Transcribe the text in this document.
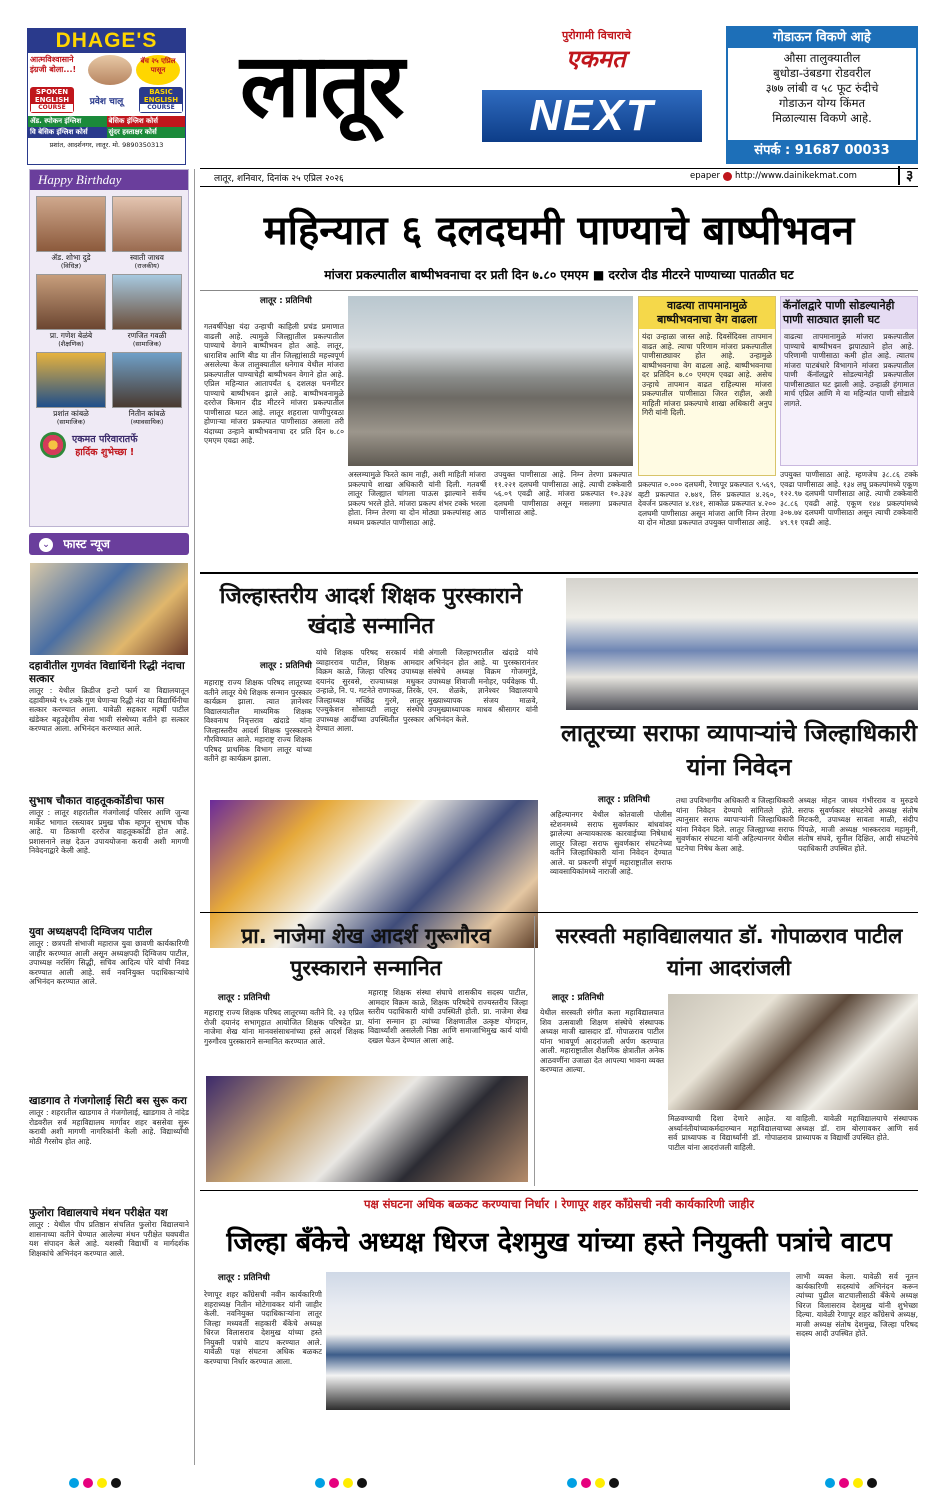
DHAGE'S
आत्मविश्वासाने इंग्रजी बोला...!
बॅच २५ एप्रिल पासून
SPOKEN ENGLISH
COURSE
प्रवेश चालू
BASIC ENGLISH
COURSE
ॲड. स्पोकन इंग्लिश	बेसिक इंग्लिश कोर्स
वि बेसिक इंग्लिश कोर्स	सुंदर हस्ताक्षर कोर्स
प्रशांत, आदर्शनगर, लातूर. मो. 9890350313
लातूर	पुरोगामी विचाराचे
एकमत
NEXT
गोडाऊन विकणे आहे
औसा तालुक्यातील
बुधोडा-उंबडगा रोडवरील
३७७ लांबी व ५८ फूट रुंदीचे
गोडाऊन योग्य किंमत
मिळाल्यास विकणे आहे.
संपर्क : 91687 00033
लातूर, शनिवार, दिनांक २५ एप्रिल २०२६	epaper http://www.dainikekmat.com	३
Happy Birthday
ॲड. शोभा दुडे
(विधिज्ञ)
स्वाती जाधव
(राजकीय)
प्रा. गणेश बेळंबे
(शैक्षणिक)
रणजित गवळी
(सामाजिक)
प्रशांत कांबळे
(सामाजिक)
नितीन कांबळे
(व्यावसायिक)
एकमत परिवारातर्फे
हार्दिक शुभेच्छा !
⌄ फास्ट न्यूज
दहावीतील गुणवंत विद्यार्थिनी रिद्धी नंदाचा सत्कार
लातूर : येथील क्रिडीज इन्टो फार्म या विद्यालयातून दहावीमध्ये ९५ टक्के गुण घेणाऱ्या रिद्धी नंदा या विद्यार्थिनीचा सत्कार करण्यात आला. यावेळी सहकार महर्षी पाटील खंडेकर बहुउद्देशीय सेवा भावी संस्थेच्या वतीने हा सत्कार करण्यात आला. अभिनंदन करण्यात आले.
सुभाष चौकात वाहतूककोंडीचा फास
लातूर : लातूर शहरातील गंजगोलाई परिसर आणि जुन्या मार्केट भागात रस्त्यावर प्रमुख चौक म्हणून सुभाष चौक आहे. या ठिकाणी दररोज वाहतूककोंडी होत आहे. प्रशासनाने लक्ष देऊन उपाययोजना करावी अशी मागणी निवेदनाद्वारे केली आहे.
युवा अध्यक्षपदी दिग्विजय पाटील
लातूर : छत्रपती संभाजी महाराज युवा छावणी कार्यकारिणी जाहीर करण्यात आली असून अध्यक्षपदी दिग्विजय पाटील, उपाध्यक्ष नरसिंग सिद्धी, सचिव आदित्य पोरे यांची निवड करण्यात आली आहे. सर्व नवनियुक्त पदाधिकाऱ्यांचे अभिनंदन करण्यात आले.
खाडगाव ते गंजगोलाई सिटी बस सुरू करा
लातूर : शहरातील खाडगाव ते गंजगोलाई, खाडगाव ते नांदेड रोडवरील सर्व महाविद्यालय मार्गावर शहर बससेवा सुरू करावी अशी मागणी नागरिकांनी केली आहे. विद्यार्थ्यांची मोठी गैरसोय होत आहे.
फुलोरा विद्यालयाचे मंथन परीक्षेत यश
लातूर : येथील पीप प्रतिष्ठान संचलित फुलोरा विद्यालयाने शासनाच्या वतीने घेण्यात आलेल्या मंथन परीक्षेत घवघवीत यश संपादन केले आहे. यशस्वी विद्यार्थी व मार्गदर्शक शिक्षकांचे अभिनंदन करण्यात आले.
महिन्यात ६ दलदघमी पाण्याचे बाष्पीभवन
मांजरा प्रकल्पातील बाष्पीभवनाचा दर प्रती दिन ७.८० एमएम ■ दररोज दीड मीटरने पाण्याच्या पातळीत घट
लातूर : प्रतिनिधी
गतवर्षीपेक्षा यंदा उन्हाची काहिली प्रचंड प्रमाणात वाढली आहे. त्यामुळे जिल्ह्यातील प्रकल्पातील पाण्याचे वेगाने बाष्पीभवन होत आहे. लातूर, धाराशिव आणि बीड या तीन जिल्ह्यांसाठी महत्त्वपूर्ण असलेल्या केज तालुक्यातील धनेगाव येथील मांजरा प्रकल्पातील पाण्याचेही बाष्पीभवन वेगाने होत आहे. एप्रिल महिन्यात आतापर्यंत ६ दशलक्ष घनमीटर पाण्याचे बाष्पीभवन झाले आहे. बाष्पीभवनामुळे दररोज किमान दीड मीटरने मांजरा प्रकल्पातील पाणीसाठा घटत आहे. लातूर शहराला पाणीपुरवठा होणाऱ्या मांजरा प्रकल्पात पाणीसाठा असला तरी यंदाच्या उन्हाने बाष्पीभवनाचा दर प्रति दिन ७.८० एमएम एवढा आहे.
अस्लम्यामुळे फिरते काम नाही, अशी माहिती मांजरा प्रकल्पाचे शाखा अधिकारी यांनी दिली. गतवर्षी लातूर जिल्ह्यात चांगला पाऊस झाल्याने सर्वच प्रकल्प भरले होते. मांजरा प्रकल्प शंभर टक्के भरला होता. निम्न तेरणा या दोन मोठ्या प्रकल्पांसह आठ मध्यम प्रकल्पांत पाणीसाठा आहे.
उपयुक्त पाणीसाठा आहे. निम्न तेरणा प्रकल्पात ११.२२१ दलघमी पाणीसाठा आहे. त्याची टक्केवारी ५६.०९ एवढी आहे. मांजरा प्रकल्पात १०.३३४ दलघमी पाणीसाठा असून मसलगा प्रकल्पात पाणीसाठा आहे.
वाढत्या तापमानामुळे बाष्पीभवनाचा वेग वाढला
यंदा उन्हाळा जास्त आहे. दिवसेंदिवस तापमान वाढत आहे. त्याचा परिणाम मांजरा प्रकल्पातील पाणीसाठ्यावर होत आहे. उन्हामुळे बाष्पीभवनाचा वेग वाढला आहे. बाष्पीभवनाचा दर प्रतिदिन ७.८० एमएम एवढा आहे. असेच उन्हाचे तापमान वाढत राहिल्यास मांजरा प्रकल्पातील पाणीसाठा जिरत राहील, अशी माहिती मांजरा प्रकल्पाचे शाखा अधिकारी अनुप गिरी यांनी दिली.
कॅनॉलद्वारे पाणी सोडल्यानेही पाणी साठ्यात झाली घट
वाढत्या तापमानामुळे मांजरा प्रकल्पातील पाण्याचे बाष्पीभवन झपाट्याने होत आहे. परिणामी पाणीसाठा कमी होत आहे. त्यातच मांजरा पाटबंधारे विभागाने मांजरा प्रकल्पातील पाणी कॅनॉलद्वारे सोडल्यानेही प्रकल्पातील पाणीसाठ्यात घट झाली आहे. उन्हाळी हंगामात मार्च एप्रिल आणि मे या महिन्यांत पाणी सोडावे लागते.
प्रकल्पात ०.००० दलघमी, रेणापूर प्रकल्पात ९.५६९, व्हटी प्रकल्पात २.७४१, तिरु प्रकल्पात ४.२६०, देवर्जन प्रकल्पात ४.१४१, साकोळ प्रकल्पात ४.२०० दलघमी पाणीसाठा असून मांजरा आणि निम्न तेरणा या दोन मोठ्या प्रकल्पात उपयुक्त पाणीसाठा आहे.
उपयुक्त पाणीसाठा आहे. म्हणजेच ३८.८६ टक्के एवढा पाणीसाठा आहे. १३४ लघु प्रकल्पांमध्ये एकूण १२२.९७ दलघमी पाणीसाठा आहे. त्याची टक्केवारी ३८.८६ एवढी आहे. एकूण १४४ प्रकल्पांमध्ये ३०७.७४ दलघमी पाणीसाठा असून त्याची टक्केवारी ४९.९१ एवढी आहे.
जिल्हास्तरीय आदर्श शिक्षक पुरस्काराने खंदाडे सन्मानित
लातूर : प्रतिनिधी
महाराष्ट्र राज्य शिक्षक परिषद लातूरच्या वतीने लातूर येथे शिक्षक सन्मान पुरस्कार कार्यक्रम झाला. त्यात ज्ञानेश्वर विद्यालयातील माध्यमिक शिक्षक विश्वनाथ निवृत्तराव खंदाडे यांना जिल्हास्तरीय आदर्श शिक्षक पुरस्काराने गौरविण्यात आले. महाराष्ट्र राज्य शिक्षक परिषद प्राथमिक विभाग लातूर यांच्या वतीने हा कार्यक्रम झाला.
यांचे शिक्षक परिषद सरकार्य मंत्री व्याहारराव पाटील, शिक्षक आमदार विक्रम काळे, जिल्हा परिषद उपाध्यक्ष दयानंद सुरवसे, राज्याध्यक्ष मधुकर उन्हाळे, नि. प. गटनेते राणाफळ, तिरके, जिल्हाध्यक्ष मच्छिंद्र गुरमे, लातूर एज्युकेशन सोसायटी लातूर संस्थेचे उपाध्यक्ष आदींच्या उपस्थितीत पुरस्कार देण्यात आला.
अंगाली जिल्हाभरातील खंदाडे यांचे अभिनंदन होत आहे. या पुरस्कारानंतर संस्थेचे अध्यक्ष विक्रम गोजमगुंडे, उपाध्यक्ष शिवाजी मनोहर, पर्यवेक्षक पी. एन. शेळके, ज्ञानेश्वर विद्यालयाचे मुख्याध्यापक संजय माळवे, उपमुख्याध्यापक माधव श्रीसागर यांनी अभिनंदन केले.	लातूरच्या सराफा व्यापाऱ्यांचे जिल्हाधिकारी यांना निवेदन
लातूर : प्रतिनिधी
अहिल्यानगर येथील कोतवाली पोलीस स्टेशनमध्ये सराफ सुवर्णकार बांधवांवर झालेल्या अन्यायकारक कारवाईच्या निषेधार्थ लातूर जिल्हा सराफ सुवर्णकार संघटनेच्या वतीने जिल्हाधिकारी यांना निवेदन देण्यात आले. या प्रकरणी संपूर्ण महाराष्ट्रातील सराफ व्यावसायिकांमध्ये नाराजी आहे.
तथा उपविभागीय अधिकारी व जिल्हाधिकारी यांना निवेदन देण्याचे सांगितले होते. त्यानुसार सराफ व्यापाऱ्यांनी जिल्हाधिकारी यांना निवेदन दिले. लातूर जिल्ह्याच्या सराफ सुवर्णकार संघटना यांनी अहिल्यानगर येथील घटनेचा निषेध केला आहे.
अध्यक्ष मोहन जाधव गंभीरराव व मुरुडचे सराफ सुवर्णकार संघटनेचे अध्यक्ष संतोष मिटकरी, उपाध्यक्ष सावता माळी, संदीप पिंपळे, माजी अध्यक्ष भास्करराव महामुनी, संतोष संघवे, सुनील दिक्षित, आदी संघटनेचे पदाधिकारी उपस्थित होते.
प्रा. नाजेमा शेख आदर्श गुरूगौरव पुरस्काराने सन्मानित
लातूर : प्रतिनिधी
महाराष्ट्र राज्य शिक्षक परिषद लातूरच्या वतीने दि. २३ एप्रिल रोजी दयानंद सभागृहात आयोजित शिक्षक परिषदेत प्रा. नाजेमा शेख यांना मानवसंसाधनांच्या हस्ते आदर्श शिक्षक गुरुगौरव पुरस्काराने सन्मानित करण्यात आले.
महाराष्ट्र शिक्षक संस्था संघाचे शासकीय सदस्य पाटील, आमदार विक्रम काळे, शिक्षक परिषदेचे राज्यस्तरीय जिल्हा स्तरीय पदाधिकारी यांची उपस्थिती होती. प्रा. नाजेमा शेख यांना सन्मान हा त्यांच्या शिक्षणातील उत्कृष्ट योगदान, विद्यार्थ्यांशी असलेली निष्ठा आणि समाजाभिमुख कार्य यांची दखल घेऊन देण्यात आला आहे.
सरस्वती महाविद्यालयात डॉ. गोपाळराव पाटील यांना आदरांजली
लातूर : प्रतिनिधी
येथील सरस्वती संगीत कला महाविद्यालयात शिव उत्सवाशी शिक्षण संस्थेचे संस्थापक अध्यक्ष माजी खासदार डॉ. गोपाळराव पाटील यांना भावपूर्ण आदरांजली अर्पण करण्यात आली. महाराष्ट्रातील शैक्षणिक क्षेत्रातील अनेक आठवणींना उजाळा देत आपल्या भावना व्यक्त करण्यात आल्या.
मिळवण्याची दिशा देणारे आहेत. या अर्ध्यानंतीयांच्याकर्मदारम्यान महाविद्यालयाच्या सर्व प्राध्यापक व विद्यार्थ्यांनी डॉ. गोपाळराव पाटील यांना आदरांजली वाहिली.
वाहिली. यावेळी महाविद्यालयाचे संस्थापक अध्यक्ष डॉ. राम बोरगावकर आणि सर्व प्राध्यापक व विद्यार्थी उपस्थित होते.
पक्ष संघटना अधिक बळकट करण्याचा निर्धार । रेणापूर शहर काँग्रेसची नवी कार्यकारिणी जाहीर
जिल्हा बँकेचे अध्यक्ष धिरज देशमुख यांच्या हस्ते नियुक्ती पत्रांचे वाटप
लातूर : प्रतिनिधी
रेणापूर शहर काँग्रेसची नवीन कार्यकारिणी शहराध्यक्ष नितीन मोटेगावकर यांनी जाहीर केली. नवनियुक्त पदाधिकाऱ्यांना लातूर जिल्हा मध्यवर्ती सहकारी बँकेचे अध्यक्ष धिरज विलासराव देशमुख यांच्या हस्ते नियुक्ती पत्रांचे वाटप करण्यात आले. यावेळी पक्ष संघटना अधिक बळकट करण्याचा निर्धार करण्यात आला.
लाभी व्यक्त केला. यावेळी सर्व नूतन कार्यकारिणी सदस्यांचे अभिनंदन करून त्यांच्या पुढील वाटचालीसाठी बँकेचे अध्यक्ष धिरज विलासराव देशमुख यांनी शुभेच्छा दिल्या. यावेळी रेणापूर शहर काँग्रेसचे अध्यक्ष, माजी अध्यक्ष संतोष देशमुख, जिल्हा परिषद सदस्य आदी उपस्थित होते.
